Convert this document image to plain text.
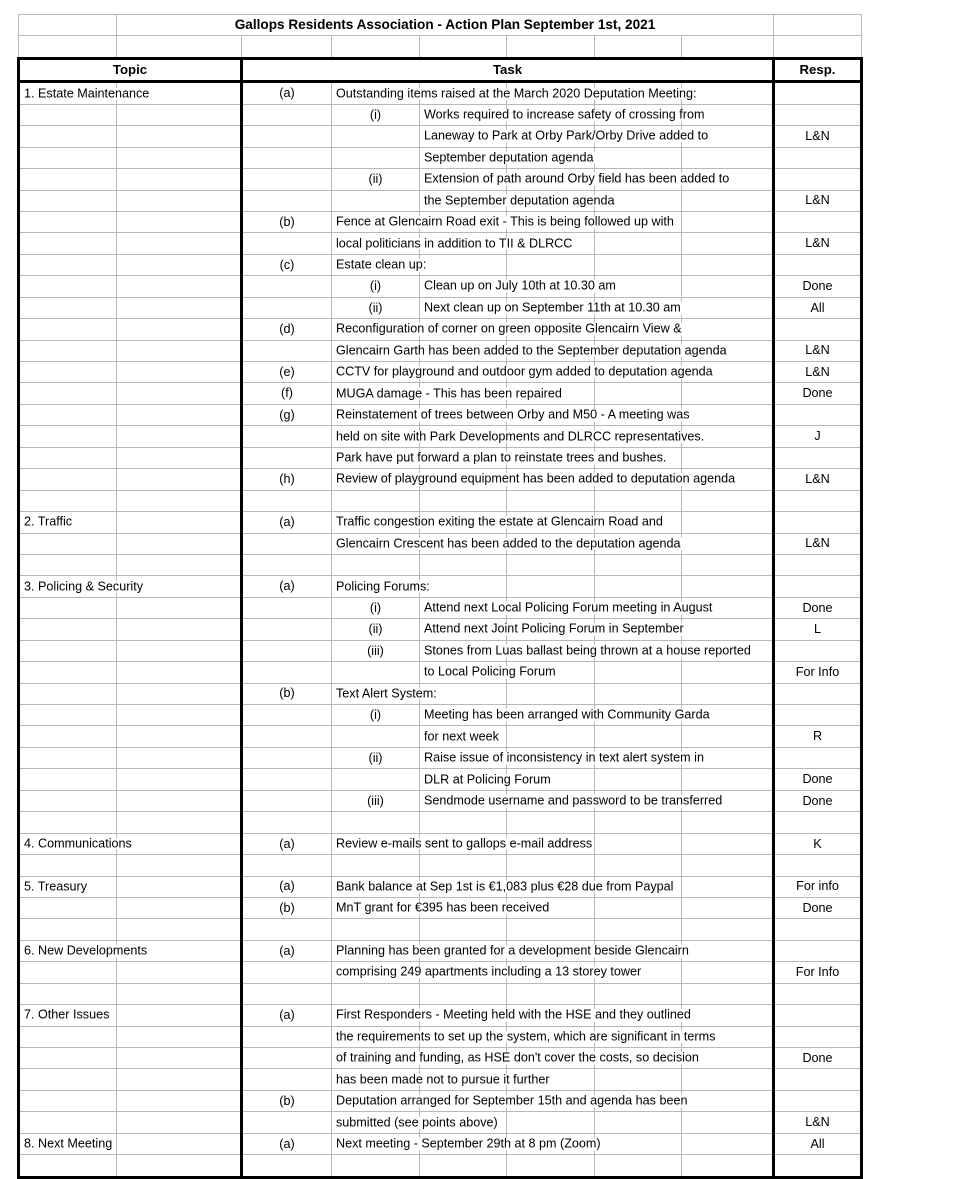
	Gallops Residents Association - Action Plan September 1st, 2021								

Topic		Task						Resp.	

1. Estate Maintenance		(a)	Outstanding items raised at the March 2020 Deputation Meeting:						

			(i)	Works required to increase safety of crossing from					

				Laneway to Park at Orby Park/Orby Drive added to				L&N	

				September deputation agenda					

			(ii)	Extension of path around Orby field has been added to					

				the September deputation agenda				L&N	

		(b)	Fence at Glencairn Road exit - This is being followed up with						

			local politicians in addition to TII & DLRCC					L&N	

		(c)	Estate clean up:						

			(i)	Clean up on July 10th at 10.30 am				Done	

			(ii)	Next clean up on September 11th at 10.30 am				All	

		(d)	Reconfiguration of corner on green opposite Glencairn View &						

			Glencairn Garth has been added to the September deputation agenda					L&N	

		(e)	CCTV for playground and outdoor gym added to deputation agenda					L&N	

		(f)	MUGA damage - This has been repaired					Done	

		(g)	Reinstatement of trees between Orby and M50 - A meeting was						

			held on site with Park Developments and DLRCC representatives.					J	

			Park have put forward a plan to reinstate trees and bushes.						

		(h)	Review of playground equipment has been added to deputation agenda					L&N	

2. Traffic		(a)	Traffic congestion exiting the estate at Glencairn Road and						

			Glencairn Crescent has been added to the deputation agenda					L&N	

3. Policing & Security		(a)	Policing Forums:						

			(i)	Attend next Local Policing Forum meeting in August				Done	

			(ii)	Attend next Joint Policing Forum in September				L	

			(iii)	Stones from Luas ballast being thrown at a house reported					

				to Local Policing Forum				For Info	

		(b)	Text Alert System:						

			(i)	Meeting has been arranged with Community Garda					

				for next week				R	

			(ii)	Raise issue of inconsistency in text alert system in					

				DLR at Policing Forum				Done	

			(iii)	Sendmode username and password to be transferred				Done	

4. Communications		(a)	Review e-mails sent to gallops e-mail address					K	

5. Treasury		(a)	Bank balance at Sep 1st is €1,083 plus €28 due from Paypal					For info	

		(b)	MnT grant for €395 has been received					Done	

6. New Developments		(a)	Planning has been granted for a development beside Glencairn						

			comprising 249 apartments including a 13 storey tower					For Info	

7. Other Issues		(a)	First Responders - Meeting held with the HSE and they outlined						

			the requirements to set up the system, which are significant in terms						

			of training and funding, as HSE don't cover the costs, so decision					Done	

			has been made not to pursue it further						

		(b)	Deputation arranged for September 15th and agenda has been						

			submitted (see points above)					L&N	

8. Next Meeting		(a)	Next meeting - September 29th at 8 pm (Zoom)					All	
